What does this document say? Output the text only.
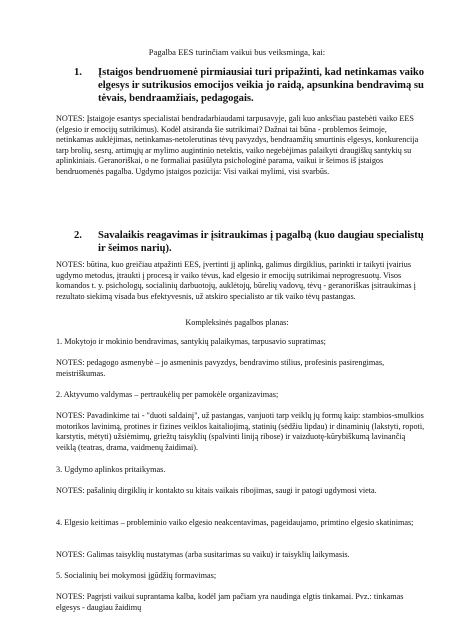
Pagalba EES turinčiam vaikui bus veiksminga, kai:
1. Įstaigos bendruomenė pirmiausiai turi pripažinti, kad netinkamas vaiko elgesys ir sutrikusios emocijos veikia jo raidą, apsunkina bendravimą su tėvais, bendraamžiais, pedagogais.
NOTES: Įstaigoje esantys specialistai bendradarbiaudami tarpusavyje, gali kuo anksčiau pastebėti vaiko EES (elgesio ir emocijų sutrikimus). Kodėl atsiranda šie sutrikimai? Dažnai tai būna - problemos šeimoje, netinkamas auklėjimas, netinkamas-netolerutinas tėvų pavyzdys, bendraamžių smurtinis elgesys, konkurencija tarp brolių, sesrų, artimųjų ar mylimo augintinio netektis, vaiko negebėjimas palaikyti draugiškų santykių su aplinkiniais. Geranoriškai, o ne formaliai pasiūlyta psichologinė parama, vaikui ir šeimos iš įstaigos bendruomenės pagalba. Ugdymo įstaigos pozicija: Visi vaikai mylimi, visi svarbūs.
2. Savalaikis reagavimas ir įsitraukimas į pagalbą (kuo daugiau specialistų ir šeimos narių).
NOTES: būtina, kuo greičiau atpažinti EES, įvertinti jį aplinką, galimus dirgiklius, parinkti ir taikyti įvairius ugdymo metodus, įtraukti į procesą ir vaiko tėvus, kad elgesio ir emocijų sutrikimai neprogresuotų. Visos komandos t. y. psichologų, socialinių darbuotojų, auklėtojų, būrelių vadovų, tėvų - geranoriškas įsitraukimas į rezultato siekimą visada bus efektyvesnis, už atskiro specialisto ar tik vaiko tėvų pastangas.
Kompleksinės pagalbos planas:
1. Mokytojo ir mokinio bendravimas, santykių palaikymas, tarpusavio supratimas;
NOTES: pedagogo asmenybė – jo asmeninis pavyzdys, bendravimo stilius, profesinis pasirengimas, meistriškumas.
2. Aktyvumo valdymas – pertraukėlių per pamokėle organizavimas;
NOTES: Pavadinkime tai - "duoti saldainį", už pastangas, vanjuoti tarp veiklų jų formų kaip: stambios-smulkios motorikos lavinimą, protines ir fizines veiklos kaitaliojimą, statinių (sėdžiu lipdau) ir dinaminių (lakstyti, ropoti, karstytis, mėtyti) užsiėmimų, griežtų taisyklių (spalvinti liniją ribose) ir vaizduotę-kūrybiškumą lavinančią veiklą (teatras, drama, vaidmenų žaidimai).
3. Ugdymo aplinkos pritaikymas.
NOTES: pašalinių dirgiklių ir kontakto su kitais vaikais ribojimas, saugi ir patogi ugdymosi vieta.
4. Elgesio keitimas – probleminio vaiko elgesio neakcentavimas, pageidaujamo, primtino elgesio skatinimas;
NOTES: Galimas taisyklių nustatymas (arba susitarimas su vaiku) ir taisyklių laikymasis.
5. Socialinių bei mokymosi įgūdžių formavimas;
NOTES: Pagrįsti vaikui suprantama kalba, kodėl jam pačiam yra naudinga elgtis tinkamai. Pvz.: tinkamas elgesys - daugiau žaidimų
